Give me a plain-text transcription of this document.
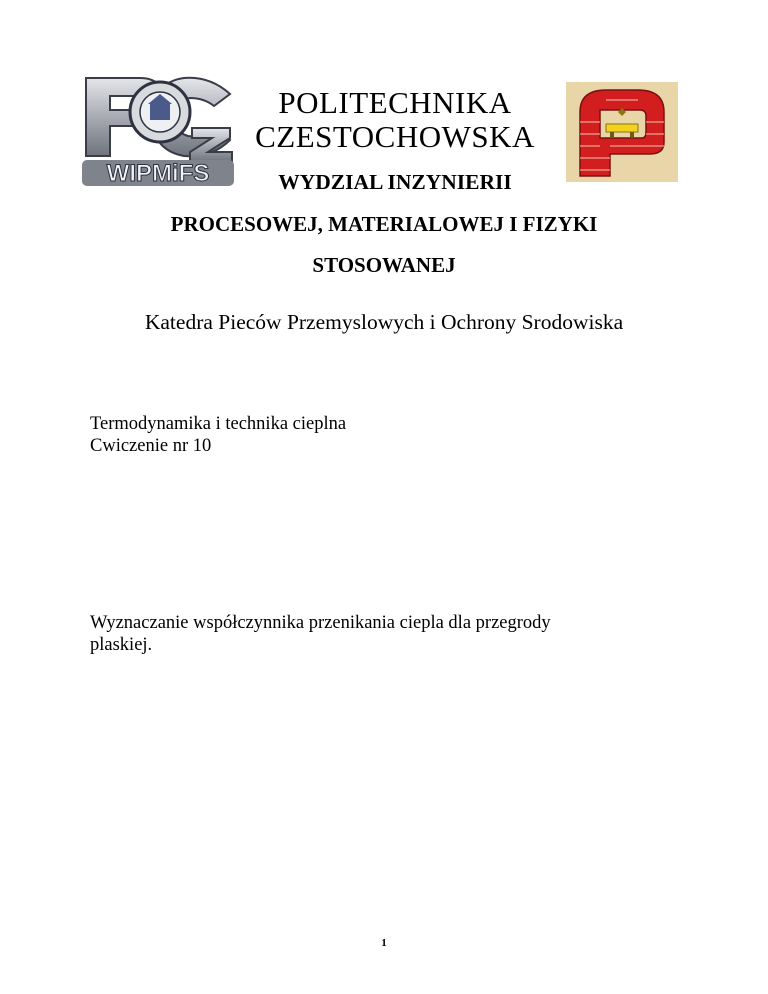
WIPMiFS
POLITECHNIKA
CZESTOCHOWSKA
WYDZIAL INZYNIERII
PROCESOWEJ, MATERIALOWEJ I FIZYKI
STOSOWANEJ
Katedra Pieców Przemyslowych i Ochrony Srodowiska
Termodynamika i technika cieplna
Cwiczenie nr 10
Wyznaczanie współczynnika przenikania ciepla dla przegrody
plaskiej.
1
